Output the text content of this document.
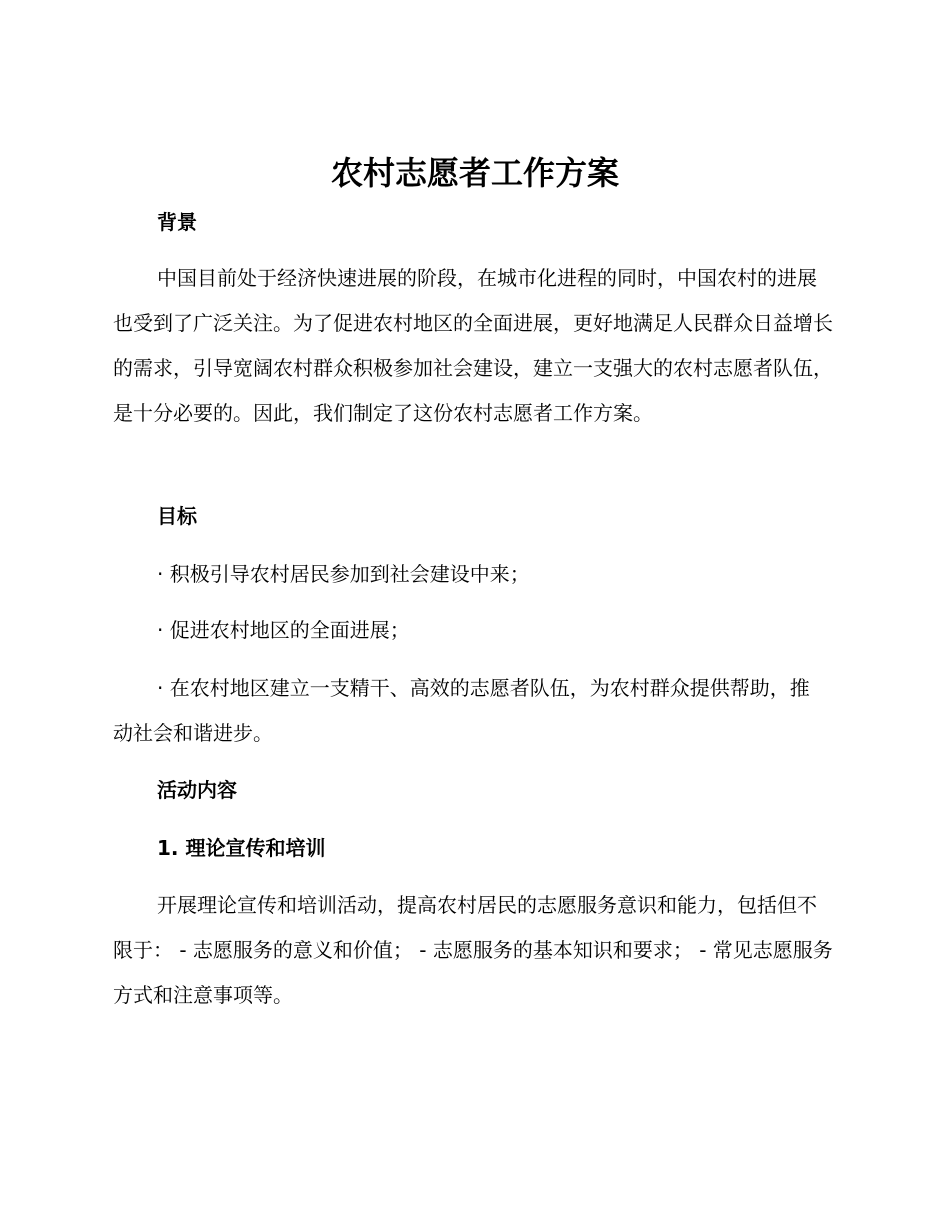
农村志愿者工作方案
背景

中国目前处于经济快速进展的阶段，在城市化进程的同时，中国农村的进展也受到了广泛关注。为了促进农村地区的全面进展，更好地满足人民群众日益增长的需求，引导宽阔农村群众积极参加社会建设，建立一支强大的农村志愿者队伍，是十分必要的。因此，我们制定了这份农村志愿者工作方案。

目标

· 积极引导农村居民参加到社会建设中来；

· 促进农村地区的全面进展；

· 在农村地区建立一支精干、高效的志愿者队伍，为农村群众提供帮助，推动社会和谐进步。

活动内容
1. 理论宣传和培训

开展理论宣传和培训活动，提高农村居民的志愿服务意识和能力，包括但不限于： - 志愿服务的意义和价值； - 志愿服务的基本知识和要求； - 常见志愿服务方式和注意事项等。
